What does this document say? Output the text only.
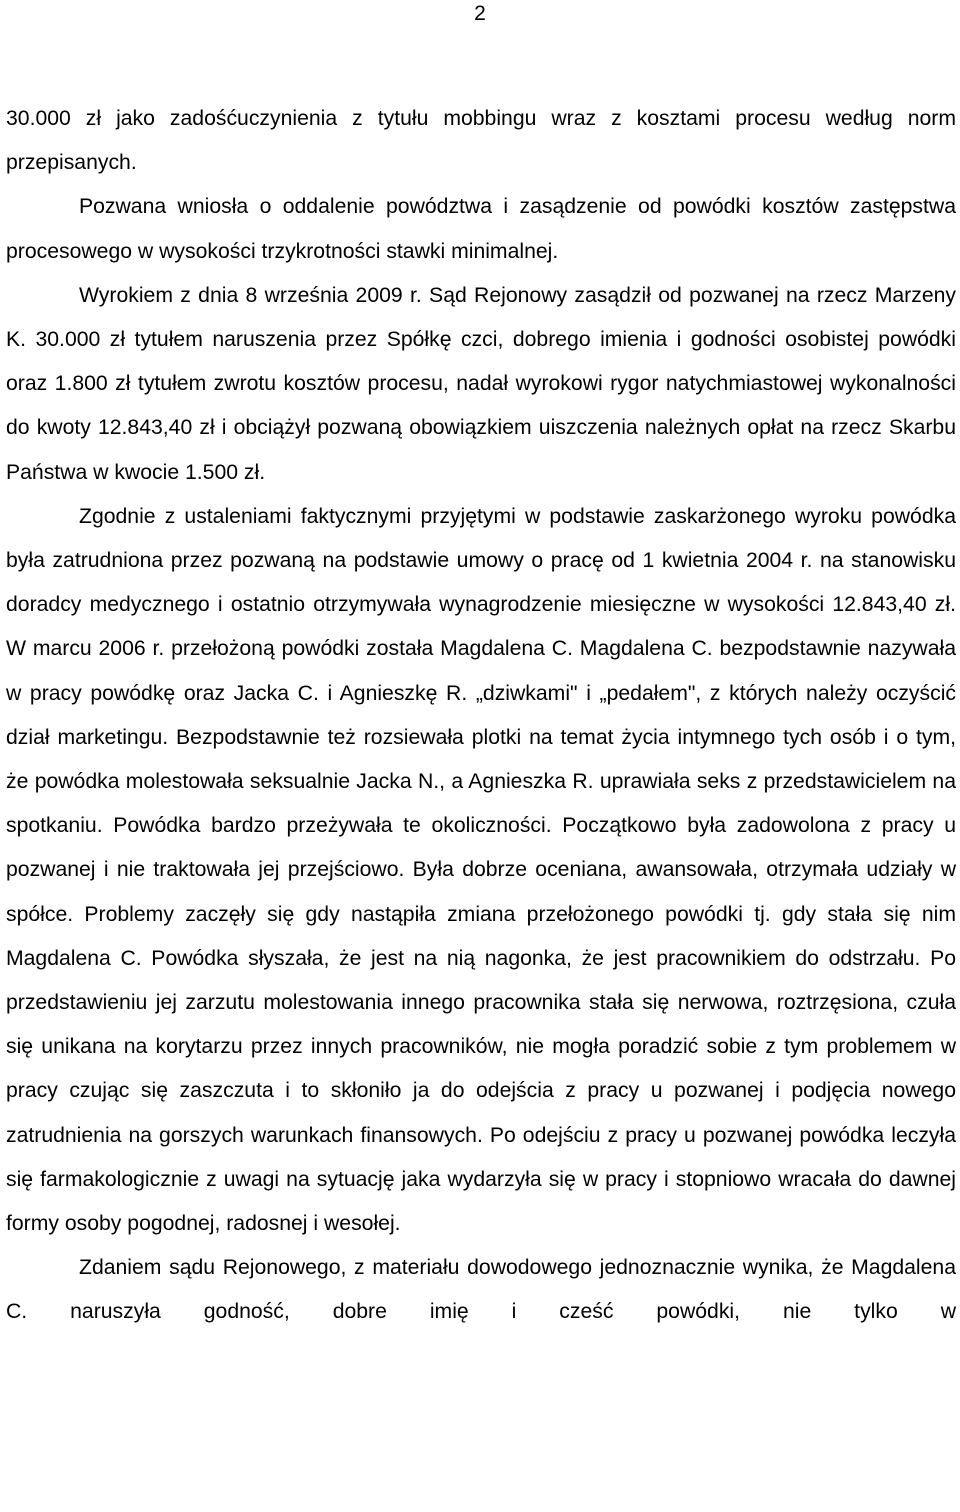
2

30.000 zł jako zadośćuczynienia z tytułu mobbingu wraz z kosztami procesu według norm przepisanych.

Pozwana wniosła o oddalenie powództwa i zasądzenie od powódki kosztów zastępstwa procesowego w wysokości trzykrotności stawki minimalnej.

Wyrokiem z dnia 8 września 2009 r. Sąd Rejonowy zasądził od pozwanej na rzecz Marzeny K. 30.000 zł tytułem naruszenia przez Spółkę czci, dobrego imienia i godności osobistej powódki oraz 1.800 zł tytułem zwrotu kosztów procesu, nadał wyrokowi rygor natychmiastowej wykonalności do kwoty 12.843,40 zł i obciążył pozwaną obowiązkiem uiszczenia należnych opłat na rzecz Skarbu Państwa w kwocie 1.500 zł.

Zgodnie z ustaleniami faktycznymi przyjętymi w podstawie zaskarżonego wyroku powódka była zatrudniona przez pozwaną na podstawie umowy o pracę od 1 kwietnia 2004 r. na stanowisku doradcy medycznego i ostatnio otrzymywała wynagrodzenie miesięczne w wysokości 12.843,40 zł. W marcu 2006 r. przełożoną powódki została Magdalena C. Magdalena C. bezpodstawnie nazywała w pracy powódkę oraz Jacka C. i Agnieszkę R. „dziwkami" i „pedałem", z których należy oczyścić dział marketingu. Bezpodstawnie też rozsiewała plotki na temat życia intymnego tych osób i o tym, że powódka molestowała seksualnie Jacka N., a Agnieszka R. uprawiała seks z przedstawicielem na spotkaniu. Powódka bardzo przeżywała te okoliczności. Początkowo była zadowolona z pracy u pozwanej i nie traktowała jej przejściowo. Była dobrze oceniana, awansowała, otrzymała udziały w spółce. Problemy zaczęły się gdy nastąpiła zmiana przełożonego powódki tj. gdy stała się nim Magdalena C. Powódka słyszała, że jest na nią nagonka, że jest pracownikiem do odstrzału. Po przedstawieniu jej zarzutu molestowania innego pracownika stała się nerwowa, roztrzęsiona, czuła się unikana na korytarzu przez innych pracowników, nie mogła poradzić sobie z tym problemem w pracy czując się zaszczuta i to skłoniło ja do odejścia z pracy u pozwanej i podjęcia nowego zatrudnienia na gorszych warunkach finansowych. Po odejściu z pracy u pozwanej powódka leczyła się farmakologicznie z uwagi na sytuację jaka wydarzyła się w pracy i stopniowo wracała do dawnej formy osoby pogodnej, radosnej i wesołej.

Zdaniem sądu Rejonowego, z materiału dowodowego jednoznacznie wynika, że Magdalena C. naruszyła godność, dobre imię i cześć powódki, nie tylko w
